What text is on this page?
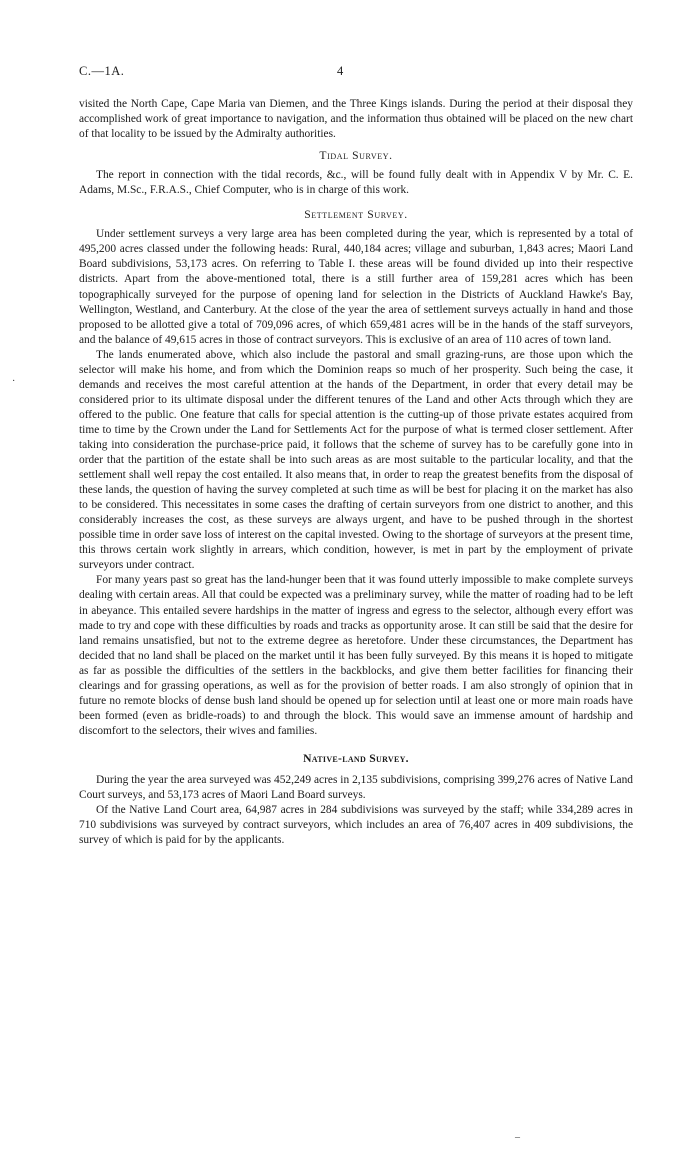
C.—1A.	4

visited the North Cape, Cape Maria van Diemen, and the Three Kings islands. During the period at their disposal they accomplished work of great importance to navigation, and the information thus obtained will be placed on the new chart of that locality to be issued by the Admiralty authorities.

Tidal Survey.

The report in connection with the tidal records, &c., will be found fully dealt with in Appendix V by Mr. C. E. Adams, M.Sc., F.R.A.S., Chief Computer, who is in charge of this work.

Settlement Survey.

Under settlement surveys a very large area has been completed during the year, which is represented by a total of 495,200 acres classed under the following heads: Rural, 440,184 acres; village and suburban, 1,843 acres; Maori Land Board subdivisions, 53,173 acres. On referring to Table I. these areas will be found divided up into their respective districts. Apart from the above-mentioned total, there is a still further area of 159,281 acres which has been topographically surveyed for the purpose of opening land for selection in the Districts of Auckland Hawke's Bay, Wellington, Westland, and Canterbury. At the close of the year the area of settlement surveys actually in hand and those proposed to be allotted give a total of 709,096 acres, of which 659,481 acres will be in the hands of the staff surveyors, and the balance of 49,615 acres in those of contract surveyors. This is exclusive of an area of 110 acres of town land.

The lands enumerated above, which also include the pastoral and small grazing-runs, are those upon which the selector will make his home, and from which the Dominion reaps so much of her prosperity. Such being the case, it demands and receives the most careful attention at the hands of the Department, in order that every detail may be considered prior to its ultimate disposal under the different tenures of the Land and other Acts through which they are offered to the public. One feature that calls for special attention is the cutting-up of those private estates acquired from time to time by the Crown under the Land for Settlements Act for the purpose of what is termed closer settlement. After taking into consideration the purchase-price paid, it follows that the scheme of survey has to be carefully gone into in order that the partition of the estate shall be into such areas as are most suitable to the particular locality, and that the settlement shall well repay the cost entailed. It also means that, in order to reap the greatest benefits from the disposal of these lands, the question of having the survey completed at such time as will be best for placing it on the market has also to be considered. This necessitates in some cases the drafting of certain surveyors from one district to another, and this considerably increases the cost, as these surveys are always urgent, and have to be pushed through in the shortest possible time in order save loss of interest on the capital invested. Owing to the shortage of surveyors at the present time, this throws certain work slightly in arrears, which condition, however, is met in part by the employment of private surveyors under contract.

For many years past so great has the land-hunger been that it was found utterly impossible to make complete surveys dealing with certain areas. All that could be expected was a preliminary survey, while the matter of roading had to be left in abeyance. This entailed severe hardships in the matter of ingress and egress to the selector, although every effort was made to try and cope with these difficulties by roads and tracks as opportunity arose. It can still be said that the desire for land remains unsatisfied, but not to the extreme degree as heretofore. Under these circumstances, the Department has decided that no land shall be placed on the market until it has been fully surveyed. By this means it is hoped to mitigate as far as possible the difficulties of the settlers in the backblocks, and give them better facilities for financing their clearings and for grassing operations, as well as for the provision of better roads. I am also strongly of opinion that in future no remote blocks of dense bush land should be opened up for selection until at least one or more main roads have been formed (even as bridle-roads) to and through the block. This would save an immense amount of hardship and discomfort to the selectors, their wives and families.

Native-land Survey.

During the year the area surveyed was 452,249 acres in 2,135 subdivisions, comprising 399,276 acres of Native Land Court surveys, and 53,173 acres of Maori Land Board surveys.

Of the Native Land Court area, 64,987 acres in 284 subdivisions was surveyed by the staff; while 334,289 acres in 710 subdivisions was surveyed by contract surveyors, which includes an area of 76,407 acres in 409 subdivisions, the survey of which is paid for by the applicants.

·
–
